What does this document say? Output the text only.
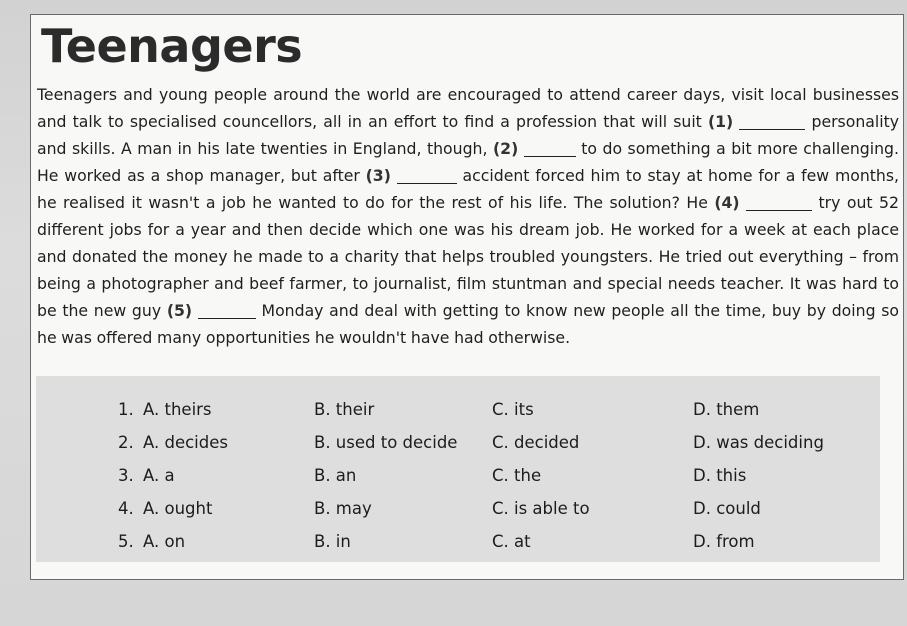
Teenagers
Teenagers and young people around the world are encouraged to attend career days, visit local businesses and talk to specialised councellors, all in an effort to find a profession that will suit (1)	personality and skills. A man in his late twenties in England, though, (2)	to do something a bit more challenging. He worked as a shop manager, but after (3)	accident forced him to stay at home for a few months, he realised it wasn't a job he wanted to do for the rest of his life. The solution? He (4)	try out 52 different jobs for a year and then decide which one was his dream job. He worked for a week at each place and donated the money he made to a charity that helps troubled youngsters. He tried out everything – from being a photographer and beef farmer, to journalist, film stuntman and special needs teacher. It was hard to be the new guy (5)	Monday and deal with getting to know new people all the time, buy by doing so he was offered many opportunities he wouldn't have had otherwise.
1. A. theirs	B. their	C. its	D. them
2. A. decides	B. used to decide C. decided	D. was deciding
3. A. a	B. an	C. the	D. this
4. A. ought	B. may	C. is able to	D. could
5. A. on	B. in	C. at	D. from
